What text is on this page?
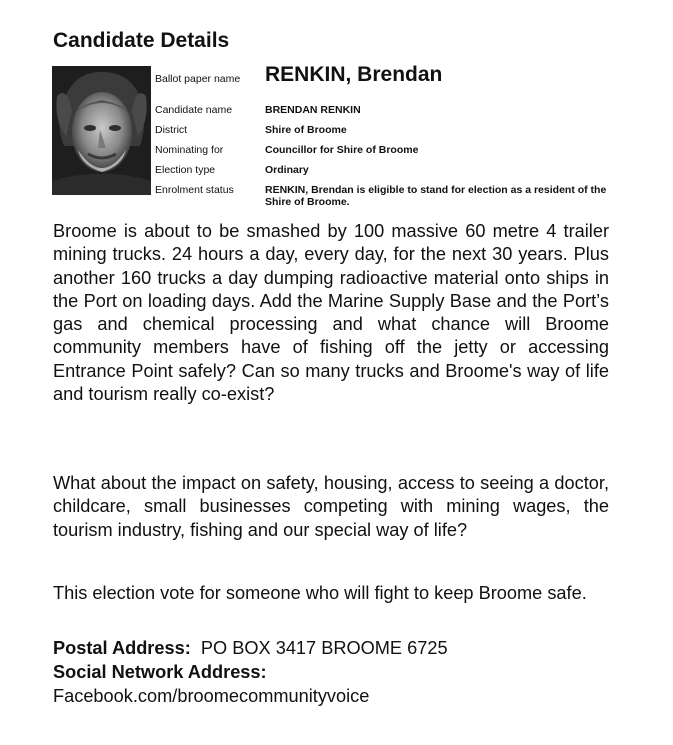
Candidate Details
Ballot paper name RENKIN, Brendan
Candidate name	BRENDAN RENKIN
District	Shire of Broome
Nominating for	Councillor for Shire of Broome
Election type	Ordinary
Enrolment status	RENKIN, Brendan is eligible to stand for election as a resident of the Shire of Broome.
Broome is about to be smashed by 100 massive 60 metre 4 trailer mining trucks. 24 hours a day, every day, for the next 30 years. Plus another 160 trucks a day dumping radioactive material onto ships in the Port on loading days. Add the Marine Supply Base and the Port’s gas and chemical processing and what chance will Broome community members have of fishing off the jetty or accessing Entrance Point safely? Can so many trucks and Broome's way of life and tourism really co-exist?
What about the impact on safety, housing, access to seeing a doctor, childcare, small businesses competing with mining wages, the tourism industry, fishing and our special way of life?
This election vote for someone who will fight to keep Broome safe.
Postal Address: PO BOX 3417 BROOME 6725
Social Network Address:
Facebook.com/broomecommunityvoice
